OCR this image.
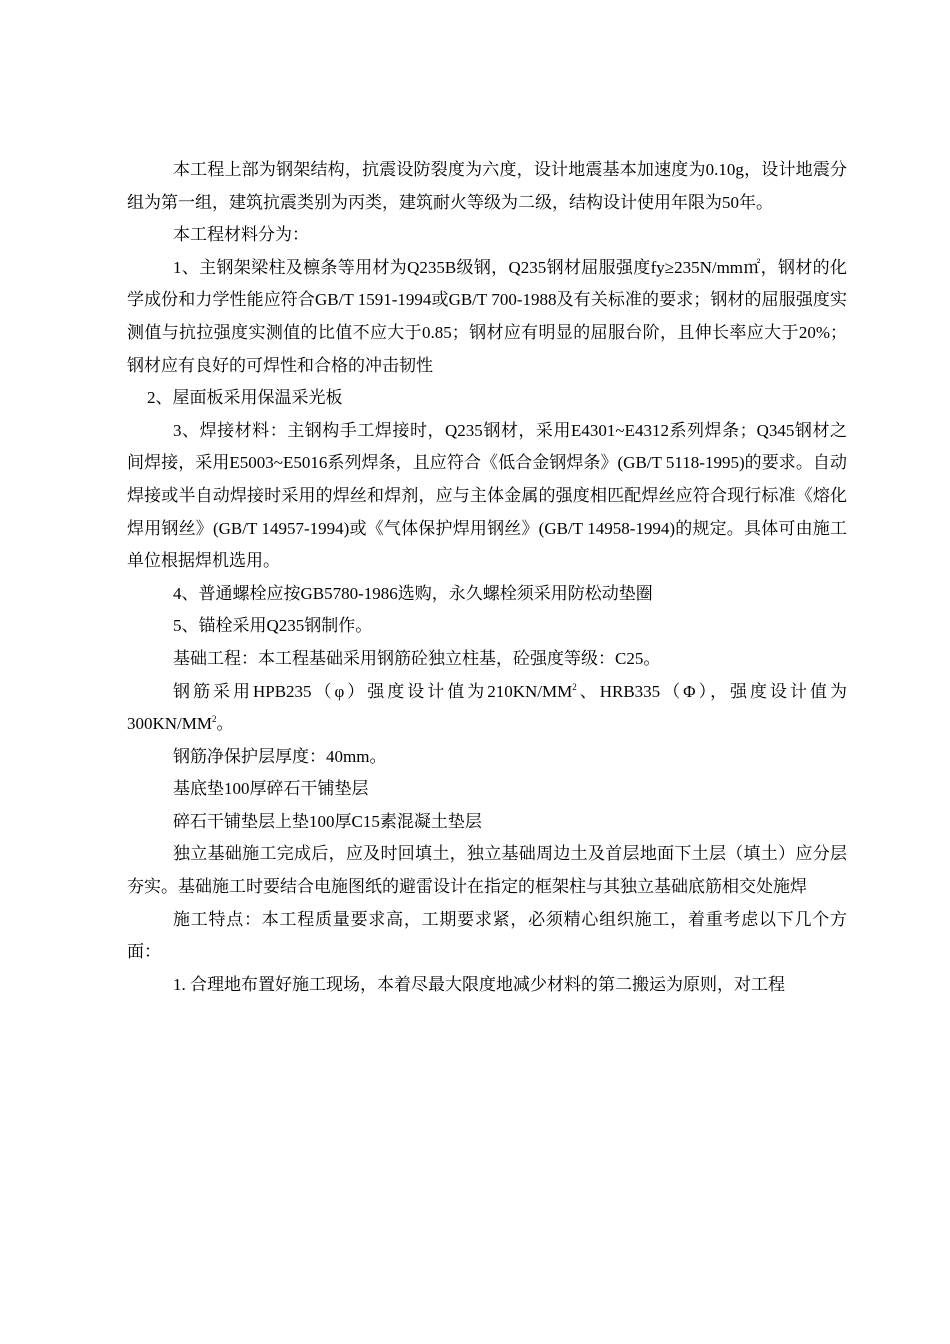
本工程上部为钢架结构，抗震设防裂度为六度，设计地震基本加速度为0.10g，设计地震分组为第一组，建筑抗震类别为丙类，建筑耐火等级为二级，结构设计使用年限为50年。

本工程材料分为：

1、主钢架梁柱及檩条等用材为Q235B级钢，Q235钢材屈服强度fy≥235N/mm㎡，钢材的化学成份和力学性能应符合GB/T 1591-1994或GB/T 700-1988及有关标准的要求；钢材的屈服强度实测值与抗拉强度实测值的比值不应大于0.85；钢材应有明显的屈服台阶，且伸长率应大于20%；钢材应有良好的可焊性和合格的冲击韧性

2、屋面板采用保温采光板

3、焊接材料：主钢构手工焊接时，Q235钢材，采用E4301~E4312系列焊条；Q345钢材之间焊接，采用E5003~E5016系列焊条，且应符合《低合金钢焊条》(GB/T 5118-1995)的要求。自动焊接或半自动焊接时采用的焊丝和焊剂，应与主体金属的强度相匹配焊丝应符合现行标准《熔化焊用钢丝》(GB/T 14957-1994)或《气体保护焊用钢丝》(GB/T 14958-1994)的规定。具体可由施工单位根据焊机选用。

4、普通螺栓应按GB5780-1986选购，永久螺栓须采用防松动垫圈

5、锚栓采用Q235钢制作。

基础工程：本工程基础采用钢筋砼独立柱基，砼强度等级：C25。

钢筋采用HPB235（φ）强度设计值为$210KN/MM^2$、HRB335（Φ），强度设计值为$300KN/MM^2$。

钢筋净保护层厚度：40mm。

基底垫100厚碎石干铺垫层

碎石干铺垫层上垫100厚C15素混凝土垫层

独立基础施工完成后，应及时回填土，独立基础周边土及首层地面下土层（填土）应分层夯实。基础施工时要结合电施图纸的避雷设计在指定的框架柱与其独立基础底筋相交处施焊

施工特点：本工程质量要求高，工期要求紧，必须精心组织施工，着重考虑以下几个方面：

1. 合理地布置好施工现场，本着尽最大限度地减少材料的第二搬运为原则，对工程
